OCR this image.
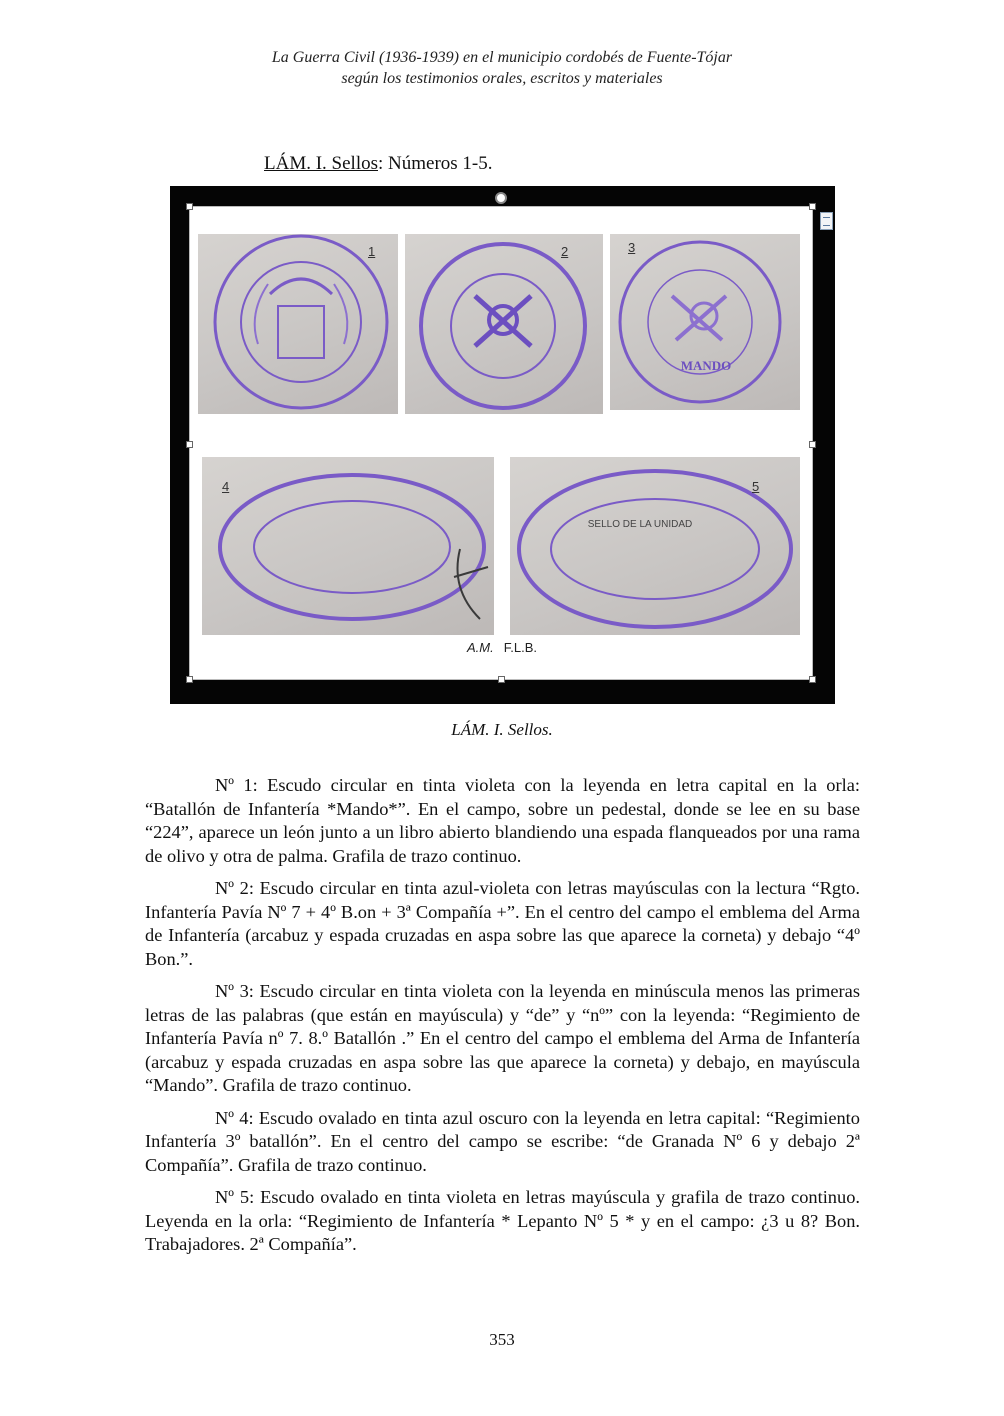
La Guerra Civil (1936-1939) en el municipio cordobés de Fuente-Tójar
según los testimonios orales, escritos y materiales
LÁM. I. Sellos: Números 1-5.
1	2
MANDO
3
4
SELLO DE LA UNIDAD
5
A.M. F.L.B.
LÁM. I. Sellos.

Nº 1: Escudo circular en tinta violeta con la leyenda en letra capital en la orla: “Batallón de Infantería *Mando*”. En el campo, sobre un pedestal, donde se lee en su base “224”, aparece un león junto a un libro abierto blandiendo una espada flanqueados por una rama de olivo y otra de palma. Grafila de trazo continuo.

Nº 2: Escudo circular en tinta azul-violeta con letras mayúsculas con la lectura “Rgto. Infantería Pavía Nº 7 + 4º B.on + 3ª Compañía +”. En el centro del campo el emblema del Arma de Infantería (arcabuz y espada cruzadas en aspa sobre las que aparece la corneta) y debajo “4º Bon.”.

Nº 3: Escudo circular en tinta violeta con la leyenda en minúscula menos las primeras letras de las palabras (que están en mayúscula) y “de” y “nº” con la leyenda: “Regimiento de Infantería Pavía nº 7. 8.º Batallón .” En el centro del campo el emblema del Arma de Infantería (arcabuz y espada cruzadas en aspa sobre las que aparece la corneta) y debajo, en mayúscula “Mando”. Grafila de trazo continuo.

Nº 4: Escudo ovalado en tinta azul oscuro con la leyenda en letra capital: “Regimiento Infantería 3º batallón”. En el centro del campo se escribe: “de Granada Nº 6 y debajo 2ª Compañía”. Grafila de trazo continuo.

Nº 5: Escudo ovalado en tinta violeta en letras mayúscula y grafila de trazo continuo. Leyenda en la orla: “Regimiento de Infantería * Lepanto Nº 5 * y en el campo: ¿3 u 8? Bon. Trabajadores. 2ª Compañía”.

353
